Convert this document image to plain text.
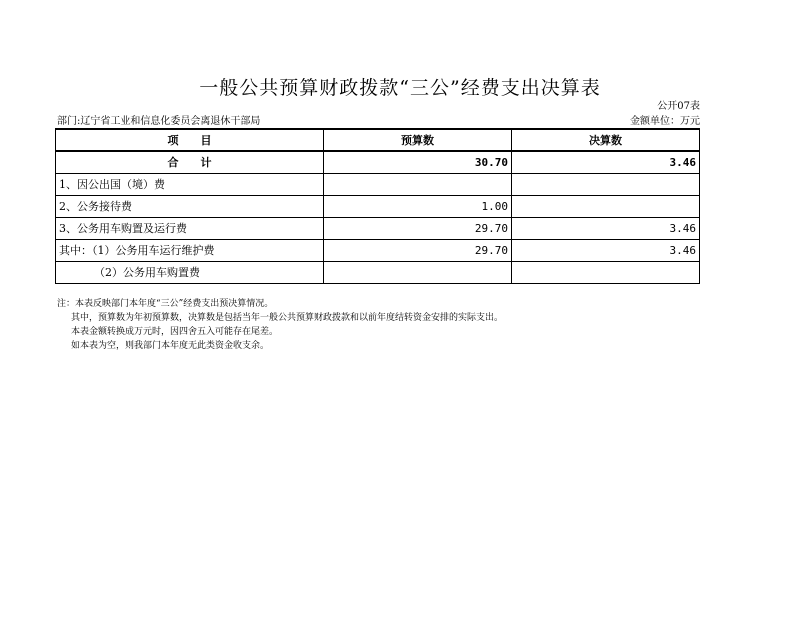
一般公共预算财政拨款“三公”经费支出决算表
公开07表
部门:辽宁省工业和信息化委员会离退休干部局	金额单位：万元
项　　目	预算数	决算数
合　　计	30.70	3.46
1、因公出国（境）费		
2、公务接待费	1.00	
3、公务用车购置及运行费	29.70	3.46
其中：（1）公务用车运行维护费	29.70	3.46
（2）公务用车购置费		
注：本表反映部门本年度“三公”经费支出预决算情况。
其中，预算数为年初预算数，决算数是包括当年一般公共预算财政拨款和以前年度结转资金安排的实际支出。
本表金额转换成万元时，因四舍五入可能存在尾差。
如本表为空，则我部门本年度无此类资金收支余。
